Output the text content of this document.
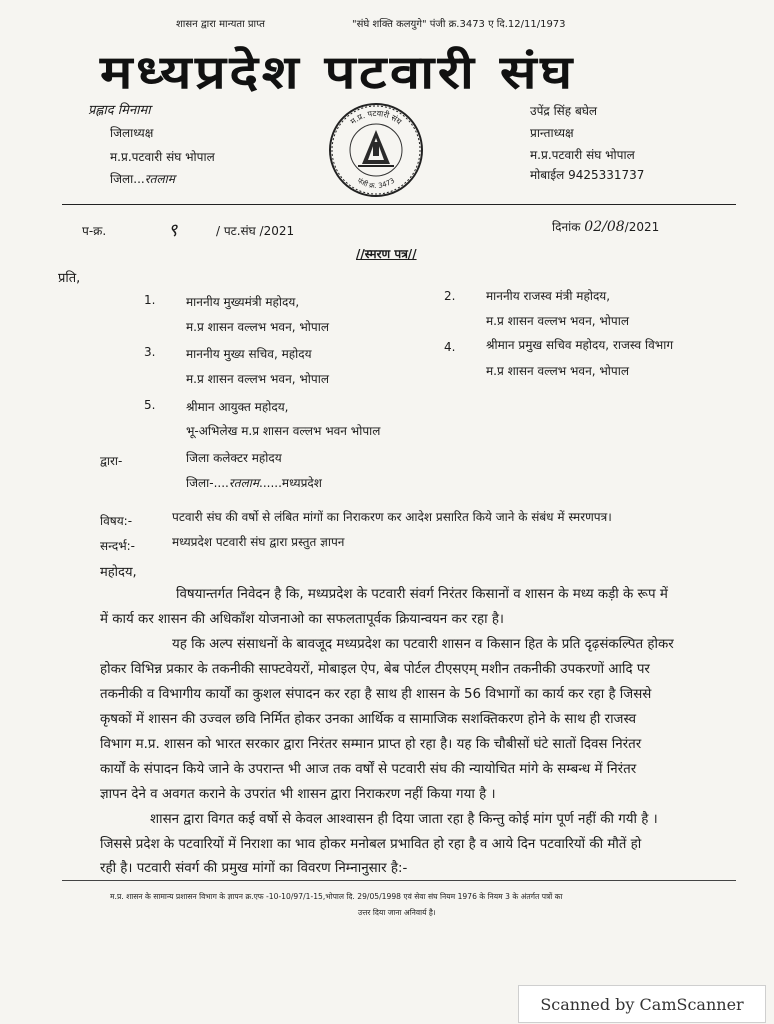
शासन द्वारा मान्यता प्राप्त	"संघे शक्ति कलयुगे" पंजी क्र.3473 ए दि.12/11/1973
मध्यप्रदेश पटवारी संघ
प्रह्लाद मिनामा
जिलाध्यक्ष
म.प्र.पटवारी संघ भोपाल
जिला...रतलाम
उपेंद्र सिंह बघेल
प्रान्ताध्यक्ष
म.प्र.पटवारी संघ भोपाल
मोबाईल 9425331737
म.प्र. पटवारी संघ
पंजी क्र. 3473
प-क्र.	९	/ पट.संघ /2021	दिनांक 02/08/2021
//स्मरण पत्र//
प्रति,
1.	माननीय मुख्यमंत्री महोदय,
म.प्र शासन वल्लभ भवन, भोपाल
2.	माननीय राजस्व मंत्री महोदय,
म.प्र शासन वल्लभ भवन, भोपाल
3.	माननीय मुख्य सचिव, महोदय
म.प्र शासन वल्लभ भवन, भोपाल
4.	श्रीमान प्रमुख सचिव महोदय, राजस्व विभाग
म.प्र शासन वल्लभ भवन, भोपाल
5.	श्रीमान आयुक्त महोदय,
भू-अभिलेख म.प्र शासन वल्लभ भवन भोपाल
द्वारा-	जिला कलेक्टर महोदय
जिला-....रतलाम......मध्यप्रदेश
विषय:-	पटवारी संघ की वर्षो से लंबित मांगों का निराकरण कर आदेश प्रसारित किये जाने के संबंध में स्मरणपत्र।
सन्दर्भ:-	मध्यप्रदेश पटवारी संघ द्वारा प्रस्तुत ज्ञापन
महोदय,
विषयान्तर्गत निवेदन है कि, मध्यप्रदेश के पटवारी संवर्ग निरंतर किसानों व शासन के मध्य कड़ी के रूप में
में कार्य कर शासन की अधिकाँश योजनाओ का सफलतापूर्वक क्रियान्वयन कर रहा है।
यह कि अल्प संसाधनों के बावजूद मध्यप्रदेश का पटवारी शासन व किसान हित के प्रति दृढ़संकल्पित होकर
होकर विभिन्न प्रकार के तकनीकी साफ्टवेयरों, मोबाइल ऐप, बेब पोर्टल टीएसएम् मशीन तकनीकी उपकरणों आदि पर
तकनीकी व विभागीय कार्यों का कुशल संपादन कर रहा है साथ ही शासन के 56 विभागों का कार्य कर रहा है जिससे
कृषकों में शासन की उज्वल छवि निर्मित होकर उनका आर्थिक व सामाजिक सशक्तिकरण होने के साथ ही राजस्व
विभाग म.प्र. शासन को भारत सरकार द्वारा निरंतर सम्मान प्राप्त हो रहा है। यह कि चौबीसों घंटे सातों दिवस निरंतर
कार्यों के संपादन किये जाने के उपरान्त भी आज तक वर्षों से पटवारी संघ की न्यायोचित मांगे के सम्बन्ध में निरंतर
ज्ञापन देने व अवगत कराने के उपरांत भी शासन द्वारा निराकरण नहीं किया गया है ।
शासन द्वारा विगत कई वर्षो से केवल आश्वासन ही दिया जाता रहा है किन्तु कोई मांग पूर्ण नहीं की गयी है ।
जिससे प्रदेश के पटवारियों में निराशा का भाव होकर मनोबल प्रभावित हो रहा है व आये दिन पटवारियों की मौतें हो
रही है। पटवारी संवर्ग की प्रमुख मांगों का विवरण निम्नानुसार है:-
म.प्र. शासन के सामान्य प्रशासन विभाग के ज्ञापन क्र.एफ -10-10/97/1-15,भोपाल दि. 29/05/1998 एवं सेवा संघ नियम 1976 के नियम 3 के अंतर्गत पत्रों का
उत्तर दिया जाना अनिवार्य है।
Scanned by CamScanner
